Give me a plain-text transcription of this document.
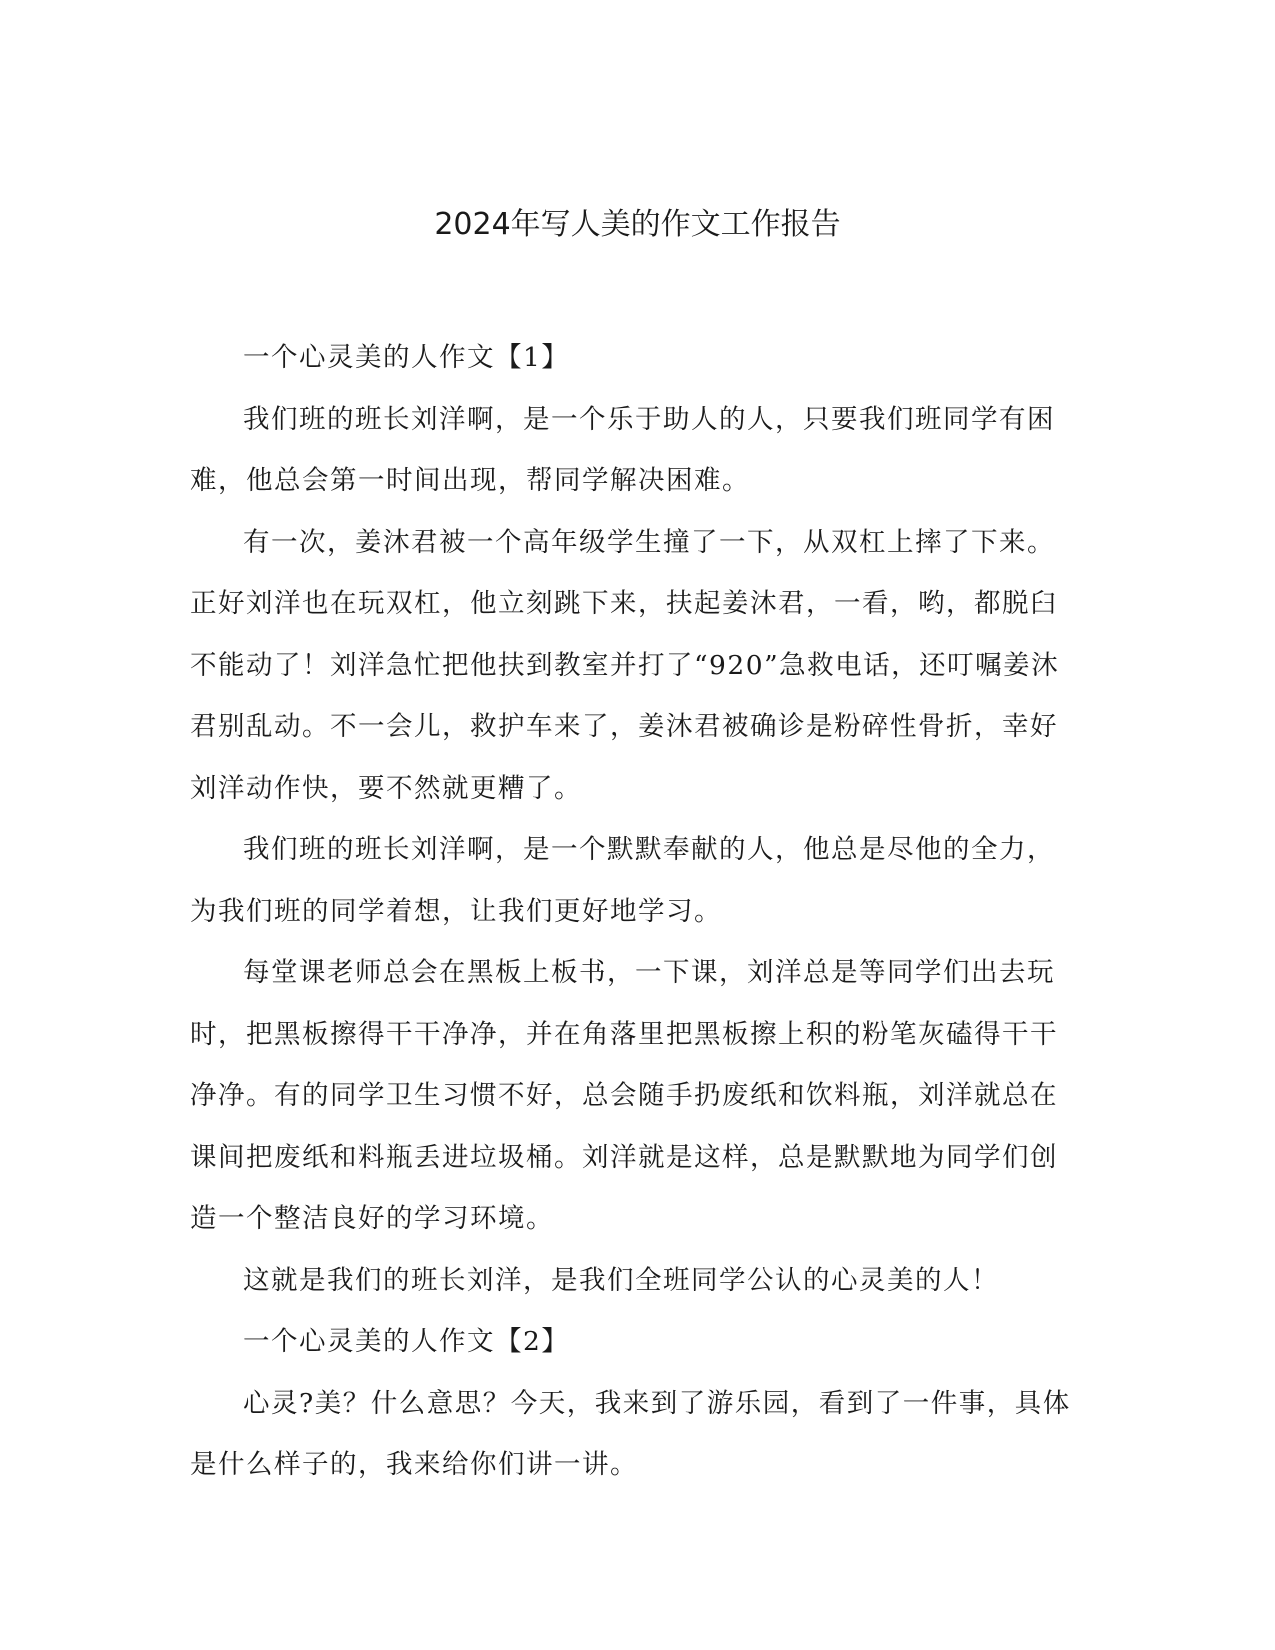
2024年写人美的作文工作报告

一个心灵美的人作文【1】

我们班的班长刘洋啊，是一个乐于助人的人，只要我们班同学有困难，他总会第一时间出现，帮同学解决困难。

有一次，姜沐君被一个高年级学生撞了一下，从双杠上摔了下来。正好刘洋也在玩双杠，他立刻跳下来，扶起姜沐君，一看，哟，都脱臼不能动了！刘洋急忙把他扶到教室并打了“920”急救电话，还叮嘱姜沐君别乱动。不一会儿，救护车来了，姜沐君被确诊是粉碎性骨折，幸好刘洋动作快，要不然就更糟了。

我们班的班长刘洋啊，是一个默默奉献的人，他总是尽他的全力，为我们班的同学着想，让我们更好地学习。

每堂课老师总会在黑板上板书，一下课，刘洋总是等同学们出去玩时，把黑板擦得干干净净，并在角落里把黑板擦上积的粉笔灰磕得干干净净。有的同学卫生习惯不好，总会随手扔废纸和饮料瓶，刘洋就总在课间把废纸和料瓶丢进垃圾桶。刘洋就是这样，总是默默地为同学们创造一个整洁良好的学习环境。

这就是我们的班长刘洋，是我们全班同学公认的心灵美的人！

一个心灵美的人作文【2】

心灵?美？什么意思？今天，我来到了游乐园，看到了一件事，具体是什么样子的，我来给你们讲一讲。
